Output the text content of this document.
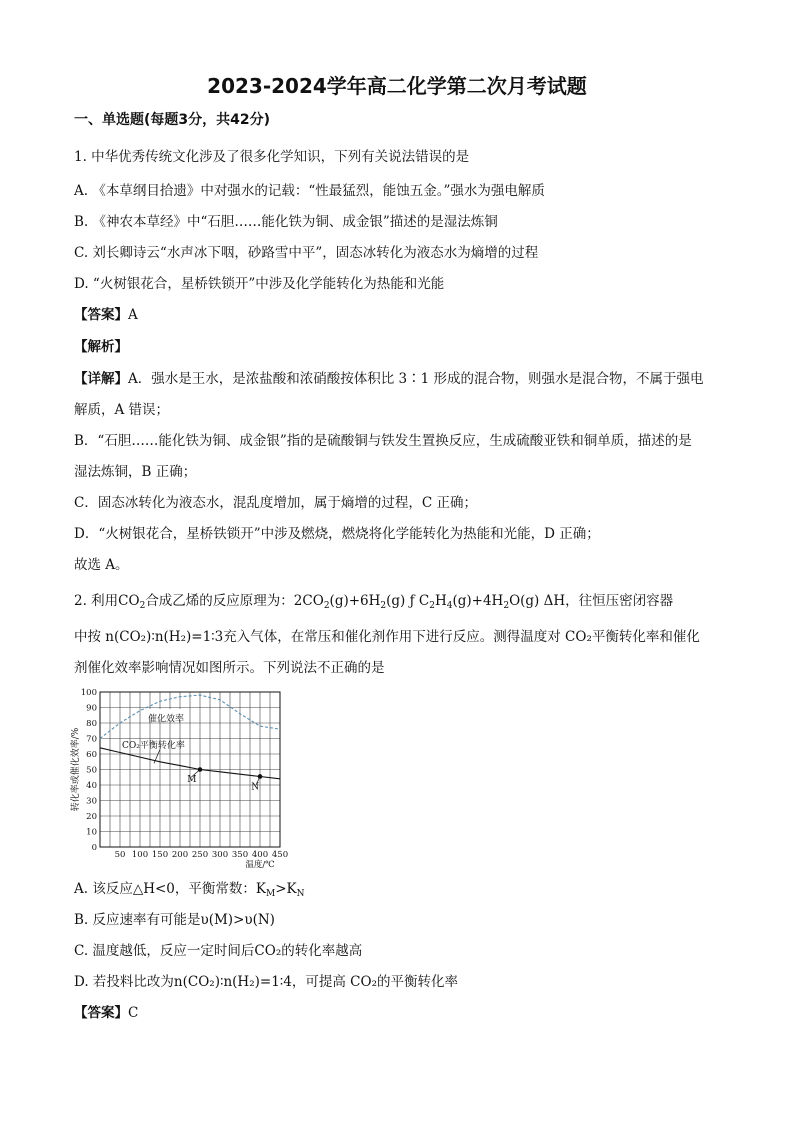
2023-2024学年高二化学第二次月考试题
一、单选题(每题3分，共42分)
1. 中华优秀传统文化涉及了很多化学知识，下列有关说法错误的是
A. 《本草纲目拾遗》中对强水的记载：“性最猛烈，能蚀五金。”强水为强电解质
B. 《神农本草经》中“石胆……能化铁为铜、成金银”描述的是湿法炼铜
C. 刘长卿诗云“水声冰下咽，砂路雪中平”，固态冰转化为液态水为熵增的过程
D. “火树银花合，星桥铁锁开”中涉及化学能转化为热能和光能
【答案】A
【解析】
【详解】A．强水是王水，是浓盐酸和浓硝酸按体积比 3∶1 形成的混合物，则强水是混合物，不属于强电
解质，A 错误；
B．“石胆……能化铁为铜、成金银”指的是硫酸铜与铁发生置换反应，生成硫酸亚铁和铜单质，描述的是
湿法炼铜，B 正确；
C．固态冰转化为液态水，混乱度增加，属于熵增的过程，C 正确；
D．“火树银花合，星桥铁锁开”中涉及燃烧，燃烧将化学能转化为热能和光能，D 正确；
故选 A。
2. 利用$CO_2$合成乙烯的反应原理为：$2CO_2(g)+6H_2(g)$ ƒ $C_2H_4(g)+4H_2O(g)$ ΔH，往恒压密闭容器
中按 n(CO₂)∶n(H₂)=1∶3充入气体，在常压和催化剂作用下进行反应。测得温度对 CO₂平衡转化率和催化
剂催化效率影响情况如图所示。下列说法不正确的是
0
10
20
30
40
50
60
70
80
90
100
50 100 150 200 250 300 350 400 450
温度/℃
转化率或催化效率/%
催化效率
CO₂平衡转化率
M
N
A. 该反应△H<0，平衡常数：$K_M>K_N$
B. 反应速率有可能是υ(M)>υ(N)
C. 温度越低，反应一定时间后CO₂的转化率越高
D. 若投料比改为n(CO₂)∶n(H₂)=1∶4，可提高 CO₂的平衡转化率
【答案】C
